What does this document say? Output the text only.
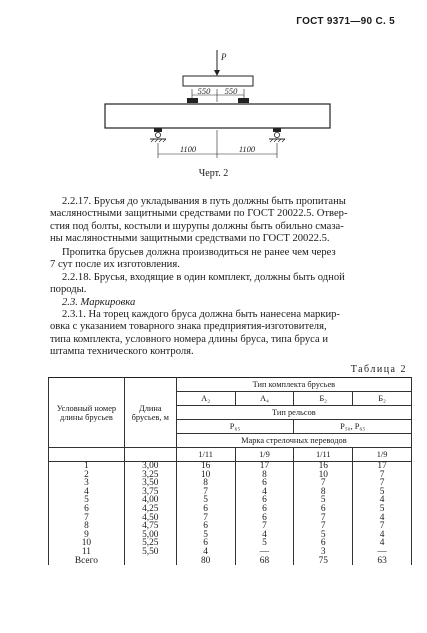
ГОСТ 9371—90 С. 5
P
550 550
1100	1100
Черт. 2
2.2.17. Брусья до укладывания в путь должны быть пропитаны
масляностными защитными средствами по ГОСТ 20022.5. Отвер-
стия под болты, костыли и шурупы должны быть обильно смаза-
ны масляностными защитными средствами по ГОСТ 20022.5.
Пропитка брусьев должна производиться не ранее чем через
7 сут после их изготовления.
2.2.18. Брусья, входящие в один комплект, должны быть одной
породы.
2.3. Маркировка
2.3.1. На торец каждого бруса должна быть нанесена маркир-
овка с указанием товарного знака предприятия-изготовителя,
типа комплекта, условного номера длины бруса, типа бруса и
штампа технического контроля.
Таблица 2
Условный номер длины брусьев	Длина брусьев, м	Тип комплекта брусьев			
		А₂	А₄	Б₂	Б₂
		Тип рельсов			
		Р₆₅		Р₅₀, Р₆₅	
		Марка стрелочных переводов			
		1/11	1/9	1/11	1/9
1	3,00	16	17	16	17
2	3,25	10	8	10	7
3	3,50	8	6	7	7
4	3,75	7	4	8	5
5	4,00	5	6	5	4
6	4,25	6	6	6	5
7	4,50	7	6	7	4
8	4,75	6	7	7	7
9	5,00	5	4	5	4
10	5,25	6	5	6	4
11	5,50	4	—	3	—
Всего		80	68	75	63
